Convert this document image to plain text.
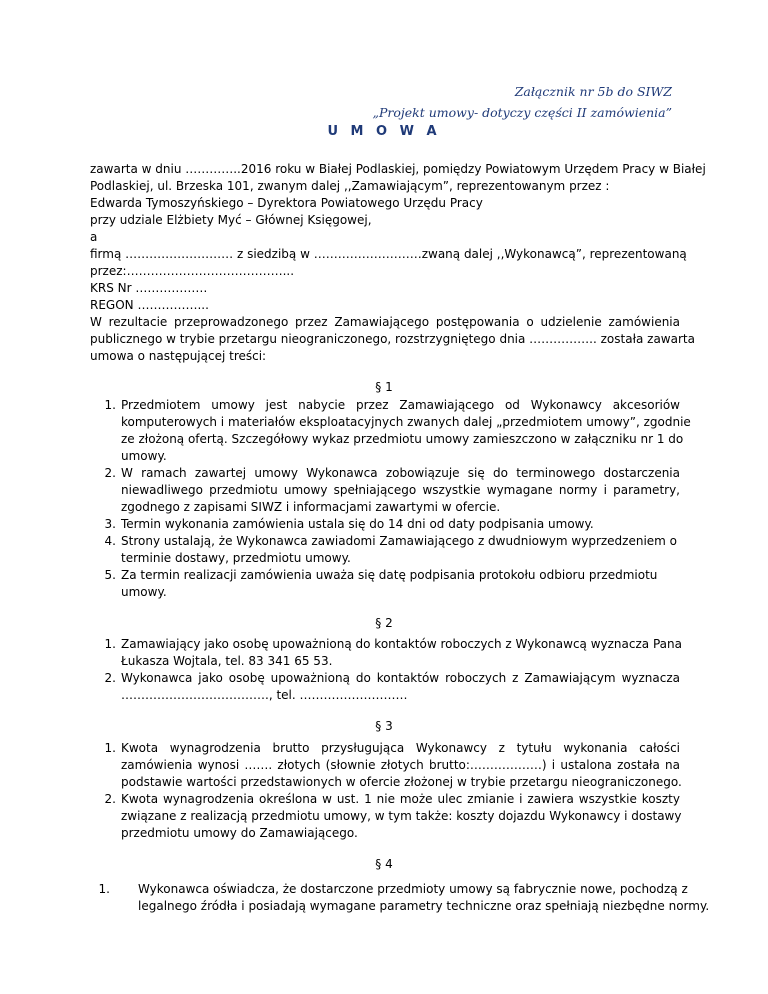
Załącznik nr 5b do SIWZ
„Projekt umowy- dotyczy części II zamówienia”
U M O W A
zawarta w dniu …………..2016 roku w Białej Podlaskiej, pomiędzy Powiatowym Urzędem Pracy w Białej
Podlaskiej, ul. Brzeska 101, zwanym dalej ,,Zamawiającym”, reprezentowanym przez :
Edwarda Tymoszyńskiego – Dyrektora Powiatowego Urzędu Pracy
przy udziale Elżbiety Myć – Głównej Księgowej,
a
firmą ……………………… z siedzibą w ………………………zwaną dalej ,,Wykonawcą”, reprezentowaną
przez:…………………………………...
KRS Nr ………………
REGON ……………...
W rezultacie przeprowadzonego przez Zamawiającego postępowania o udzielenie zamówienia
publicznego w trybie przetargu nieograniczonego, rozstrzygniętego dnia …………….. została zawarta
umowa o następującej treści:
§ 1
1. Przedmiotem umowy jest nabycie przez Zamawiającego od Wykonawcy akcesoriów
komputerowych i materiałów eksploatacyjnych zwanych dalej „przedmiotem umowy”, zgodnie
ze złożoną ofertą. Szczegółowy wykaz przedmiotu umowy zamieszczono w załączniku nr 1 do
umowy.
2. W ramach zawartej umowy Wykonawca zobowiązuje się do terminowego dostarczenia
niewadliwego przedmiotu umowy spełniającego wszystkie wymagane normy i parametry,
zgodnego z zapisami SIWZ i informacjami zawartymi w ofercie.
3. Termin wykonania zamówienia ustala się do 14 dni od daty podpisania umowy.
4. Strony ustalają, że Wykonawca zawiadomi Zamawiającego z dwudniowym wyprzedzeniem o
terminie dostawy, przedmiotu umowy.
5. Za termin realizacji zamówienia uważa się datę podpisania protokołu odbioru przedmiotu
umowy.
§ 2
1. Zamawiający jako osobę upoważnioną do kontaktów roboczych z Wykonawcą wyznacza Pana
Łukasza Wojtala, tel. 83 341 65 53.
2. Wykonawca jako osobę upoważnioną do kontaktów roboczych z Zamawiającym wyznacza
………………………………., tel. ………………………
§ 3
1. Kwota wynagrodzenia brutto przysługująca Wykonawcy z tytułu wykonania całości
zamówienia wynosi ……. złotych (słownie złotych brutto:………………) i ustalona została na
podstawie wartości przedstawionych w ofercie złożonej w trybie przetargu nieograniczonego.
2. Kwota wynagrodzenia określona w ust. 1 nie może ulec zmianie i zawiera wszystkie koszty
związane z realizacją przedmiotu umowy, w tym także: koszty dojazdu Wykonawcy i dostawy
przedmiotu umowy do Zamawiającego.
§ 4
1. Wykonawca oświadcza, że dostarczone przedmioty umowy są fabrycznie nowe, pochodzą z
legalnego źródła i posiadają wymagane parametry techniczne oraz spełniają niezbędne normy.
